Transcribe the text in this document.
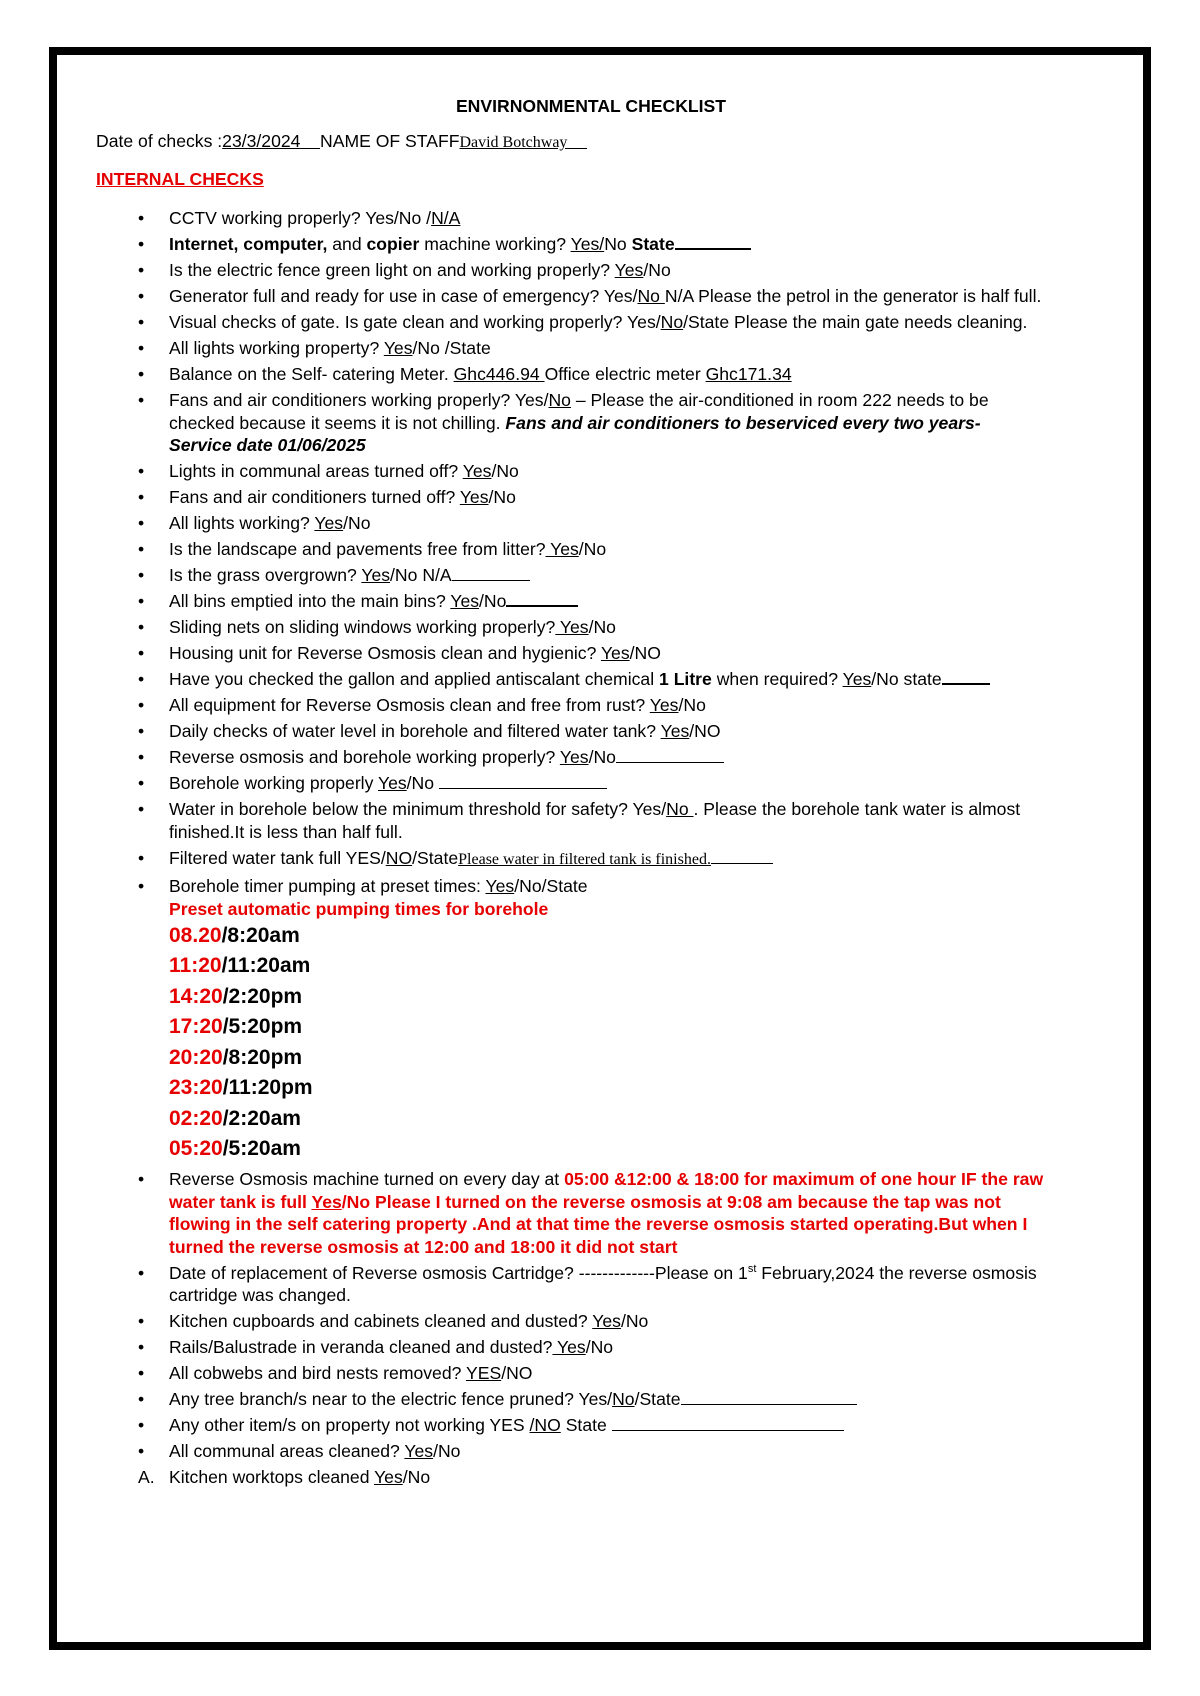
ENVIRNONMENTAL CHECKLIST
Date of checks :23/3/2024 NAME OF STAFFDavid Botchway
INTERNAL CHECKS
• CCTV working properly? Yes/No /N/A
• Internet, computer, and copier machine working? Yes/No State
• Is the electric fence green light on and working properly? Yes/No
• Generator full and ready for use in case of emergency? Yes/No N/A Please the petrol in the generator is half full.
• Visual checks of gate. Is gate clean and working properly? Yes/No/State Please the main gate needs cleaning.
• All lights working property? Yes/No /State
• Balance on the Self- catering Meter. Ghc446.94 Office electric meter Ghc171.34
• Fans and air conditioners working properly? Yes/No – Please the air-conditioned in room 222 needs to be checked because it seems it is not chilling. Fans and air conditioners to beserviced every two years- Service date 01/06/2025
• Lights in communal areas turned off? Yes/No
• Fans and air conditioners turned off? Yes/No
• All lights working? Yes/No
• Is the landscape and pavements free from litter? Yes/No
• Is the grass overgrown? Yes/No N/A
• All bins emptied into the main bins? Yes/No
• Sliding nets on sliding windows working properly? Yes/No
• Housing unit for Reverse Osmosis clean and hygienic? Yes/NO
• Have you checked the gallon and applied antiscalant chemical 1 Litre when required? Yes/No state
• All equipment for Reverse Osmosis clean and free from rust? Yes/No
• Daily checks of water level in borehole and filtered water tank? Yes/NO
• Reverse osmosis and borehole working properly? Yes/No
• Borehole working properly Yes/No
• Water in borehole below the minimum threshold for safety? Yes/No . Please the borehole tank water is almost finished.It is less than half full.
• Filtered water tank full YES/NO/StatePlease water in filtered tank is finished.
• Borehole timer pumping at preset times: Yes/No/State
Preset automatic pumping times for borehole
08.20/8:20am
11:20/11:20am
14:20/2:20pm
17:20/5:20pm
20:20/8:20pm
23:20/11:20pm
02:20/2:20am
05:20/5:20am
• Reverse Osmosis machine turned on every day at 05:00 &12:00 & 18:00 for maximum of one hour IF the raw water tank is full Yes/No Please I turned on the reverse osmosis at 9:08 am because the tap was not flowing in the self catering property .And at that time the reverse osmosis started operating.But when I turned the reverse osmosis at 12:00 and 18:00 it did not start
• Date of replacement of Reverse osmosis Cartridge? -------------Please on 1st February,2024 the reverse osmosis cartridge was changed.
• Kitchen cupboards and cabinets cleaned and dusted? Yes/No
• Rails/Balustrade in veranda cleaned and dusted? Yes/No
• All cobwebs and bird nests removed? YES/NO
• Any tree branch/s near to the electric fence pruned? Yes/No/State
• Any other item/s on property not working YES /NO State
• All communal areas cleaned? Yes/No
A. Kitchen worktops cleaned Yes/No
